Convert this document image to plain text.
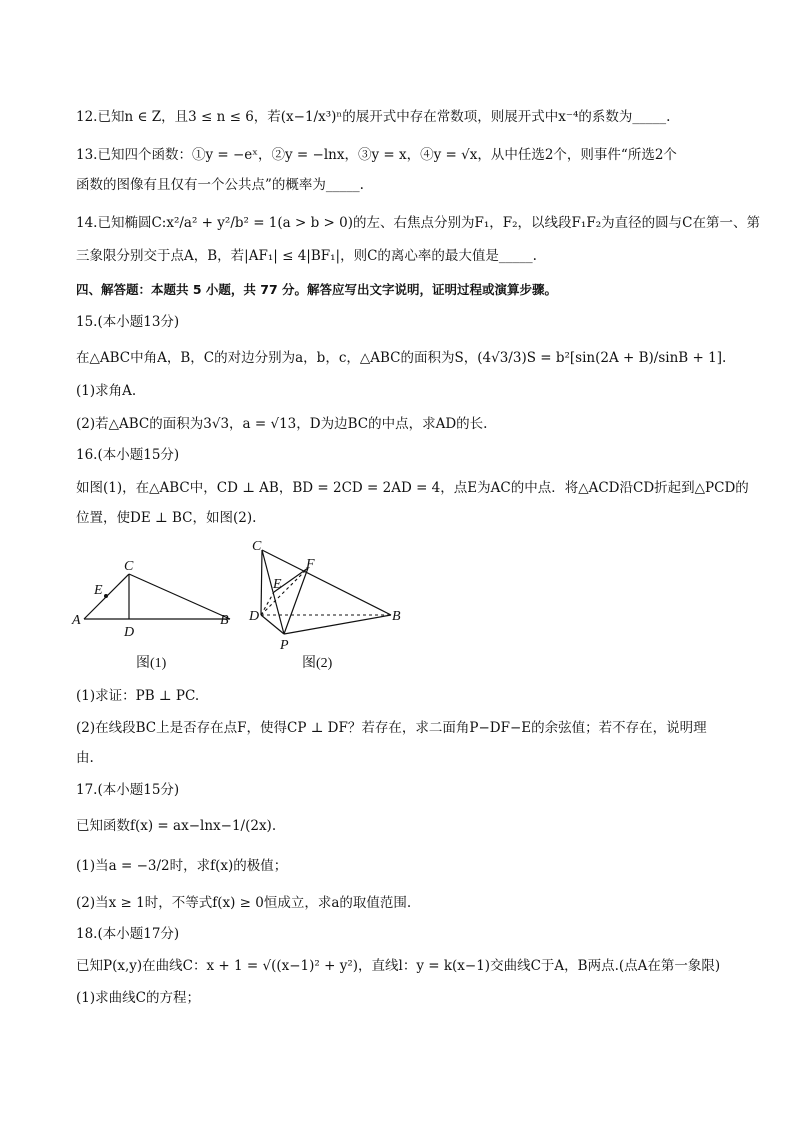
12.已知n ∈ Z，且3 ≤ n ≤ 6，若(x−1/x³)ⁿ的展开式中存在常数项，则展开式中x⁻⁴的系数为_____.
13.已知四个函数：①y = −eˣ，②y = −lnx，③y = x，④y = √x，从中任选2个，则事件“所选2个
函数的图像有且仅有一个公共点”的概率为_____.
14.已知椭圆C:x²/a² + y²/b² = 1(a > b > 0)的左、右焦点分别为F₁，F₂，以线段F₁F₂为直径的圆与C在第一、第
三象限分别交于点A，B，若|AF₁| ≤ 4|BF₁|，则C的离心率的最大值是_____.
四、解答题：本题共 5 小题，共 77 分。解答应写出文字说明，证明过程或演算步骤。
15.(本小题13分)
在△ABC中角A，B，C的对边分别为a，b，c，△ABC的面积为S，(4√3/3)S = b²[sin(2A + B)/sinB + 1].
(1)求角A.
(2)若△ABC的面积为3√3，a = √13，D为边BC的中点，求AD的长.
16.(本小题15分)
如图(1)，在△ABC中，CD ⊥ AB，BD = 2CD = 2AD = 4，点E为AC的中点．将△ACD沿CD折起到△PCD的
位置，使DE ⊥ BC，如图(2).
C
E
A
D
B
图(1)
C
F
E
D	B
P
图(2)
(1)求证：PB ⊥ PC.
(2)在线段BC上是否存在点F，使得CP ⊥ DF？若存在，求二面角P−DF−E的余弦值；若不存在，说明理
由.
17.(本小题15分)
已知函数f(x) = ax−lnx−1/(2x).
(1)当a = −3/2时，求f(x)的极值；
(2)当x ≥ 1时，不等式f(x) ≥ 0恒成立，求a的取值范围.
18.(本小题17分)
已知P(x,y)在曲线C：x + 1 = √((x−1)² + y²)，直线l：y = k(x−1)交曲线C于A，B两点.(点A在第一象限)
(1)求曲线C的方程；
